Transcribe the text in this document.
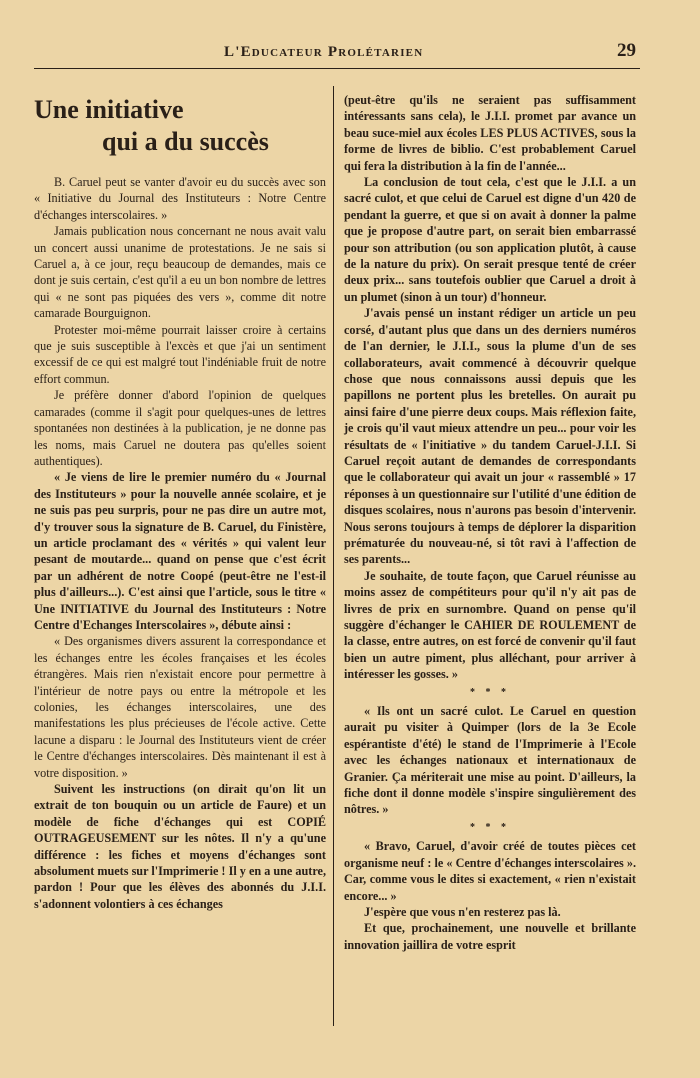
L'Educateur Prolétarien	29
Une initiative
qui a du succès

B. Caruel peut se vanter d'avoir eu du succès avec son « Initiative du Journal des Instituteurs : Notre Centre d'échanges interscolaires. »

Jamais publication nous concernant ne nous avait valu un concert aussi unanime de protestations. Je ne sais si Caruel a, à ce jour, reçu beaucoup de demandes, mais ce dont je suis certain, c'est qu'il a eu un bon nombre de lettres qui « ne sont pas piquées des vers », comme dit notre camarade Bourguignon.

Protester moi-même pourrait laisser croire à certains que je suis susceptible à l'excès et que j'ai un sentiment excessif de ce qui est malgré tout l'indéniable fruit de notre effort commun.

Je préfère donner d'abord l'opinion de quelques camarades (comme il s'agit pour quelques-unes de lettres spontanées non destinées à la publication, je ne donne pas les noms, mais Caruel ne doutera pas qu'elles soient authentiques).

« Je viens de lire le premier numéro du « Journal des Instituteurs » pour la nouvelle année scolaire, et je ne suis pas peu surpris, pour ne pas dire un autre mot, d'y trouver sous la signature de B. Caruel, du Finistère, un article proclamant des « vérités » qui valent leur pesant de moutarde... quand on pense que c'est écrit par un adhérent de notre Coopé (peut-être ne l'est-il plus d'ailleurs...). C'est ainsi que l'article, sous le titre « Une INITIATIVE du Journal des Instituteurs : Notre Centre d'Echanges Interscolaires », débute ainsi :

« Des organismes divers assurent la correspondance et les échanges entre les écoles françaises et les écoles étrangères. Mais rien n'existait encore pour permettre à l'intérieur de notre pays ou entre la métropole et les colonies, les échanges interscolaires, une des manifestations les plus précieuses de l'école active. Cette lacune a disparu : le Journal des Instituteurs vient de créer le Centre d'échanges interscolaires. Dès maintenant il est à votre disposition. »

Suivent les instructions (on dirait qu'on lit un extrait de ton bouquin ou un article de Faure) et un modèle de fiche d'échanges qui est COPIÉ OUTRAGEUSEMENT sur les nôtes. Il n'y a qu'une différence : les fiches et moyens d'échanges sont absolument muets sur l'Imprimerie ! Il y en a une autre, pardon ! Pour que les élèves des abonnés du J.I.I. s'adonnent volontiers à ces échanges

(peut-être qu'ils ne seraient pas suffisamment intéressants sans cela), le J.I.I. promet par avance un beau suce-miel aux écoles LES PLUS ACTIVES, sous la forme de livres de biblio. C'est probablement Caruel qui fera la distribution à la fin de l'année...

La conclusion de tout cela, c'est que le J.I.I. a un sacré culot, et que celui de Caruel est digne d'un 420 de pendant la guerre, et que si on avait à donner la palme que je propose d'autre part, on serait bien embarrassé pour son attribution (ou son application plutôt, à cause de la nature du prix). On serait presque tenté de créer deux prix... sans toutefois oublier que Caruel a droit à un plumet (sinon à un tour) d'honneur.

J'avais pensé un instant rédiger un article un peu corsé, d'autant plus que dans un des derniers numéros de l'an dernier, le J.I.I., sous la plume d'un de ses collaborateurs, avait commencé à découvrir quelque chose que nous connaissons aussi depuis que les papillons ne portent plus les bretelles. On aurait pu ainsi faire d'une pierre deux coups. Mais réflexion faite, je crois qu'il vaut mieux attendre un peu... pour voir les résultats de « l'initiative » du tandem Caruel-J.I.I. Si Caruel reçoit autant de demandes de correspondants que le collaborateur qui avait un jour « rassemblé » 17 réponses à un questionnaire sur l'utilité d'une édition de disques scolaires, nous n'aurons pas besoin d'intervenir. Nous serons toujours à temps de déplorer la disparition prématurée du nouveau-né, si tôt ravi à l'affection de ses parents...

Je souhaite, de toute façon, que Caruel réunisse au moins assez de compétiteurs pour qu'il n'y ait pas de livres de prix en surnombre. Quand on pense qu'il suggère d'échanger le CAHIER DE ROULEMENT de la classe, entre autres, on est forcé de convenir qu'il faut bien un autre piment, plus alléchant, pour arriver à intéresser les gosses. »

* * *

« Ils ont un sacré culot. Le Caruel en question aurait pu visiter à Quimper (lors de la 3e Ecole espérantiste d'été) le stand de l'Imprimerie à l'Ecole avec les échanges nationaux et internationaux de Granier. Ça mériterait une mise au point. D'ailleurs, la fiche dont il donne modèle s'inspire singulièrement des nôtres. »

* * *

« Bravo, Caruel, d'avoir créé de toutes pièces cet organisme neuf : le « Centre d'échanges interscolaires ». Car, comme vous le dites si exactement, « rien n'existait encore... »

J'espère que vous n'en resterez pas là.

Et que, prochainement, une nouvelle et brillante innovation jaillira de votre esprit
